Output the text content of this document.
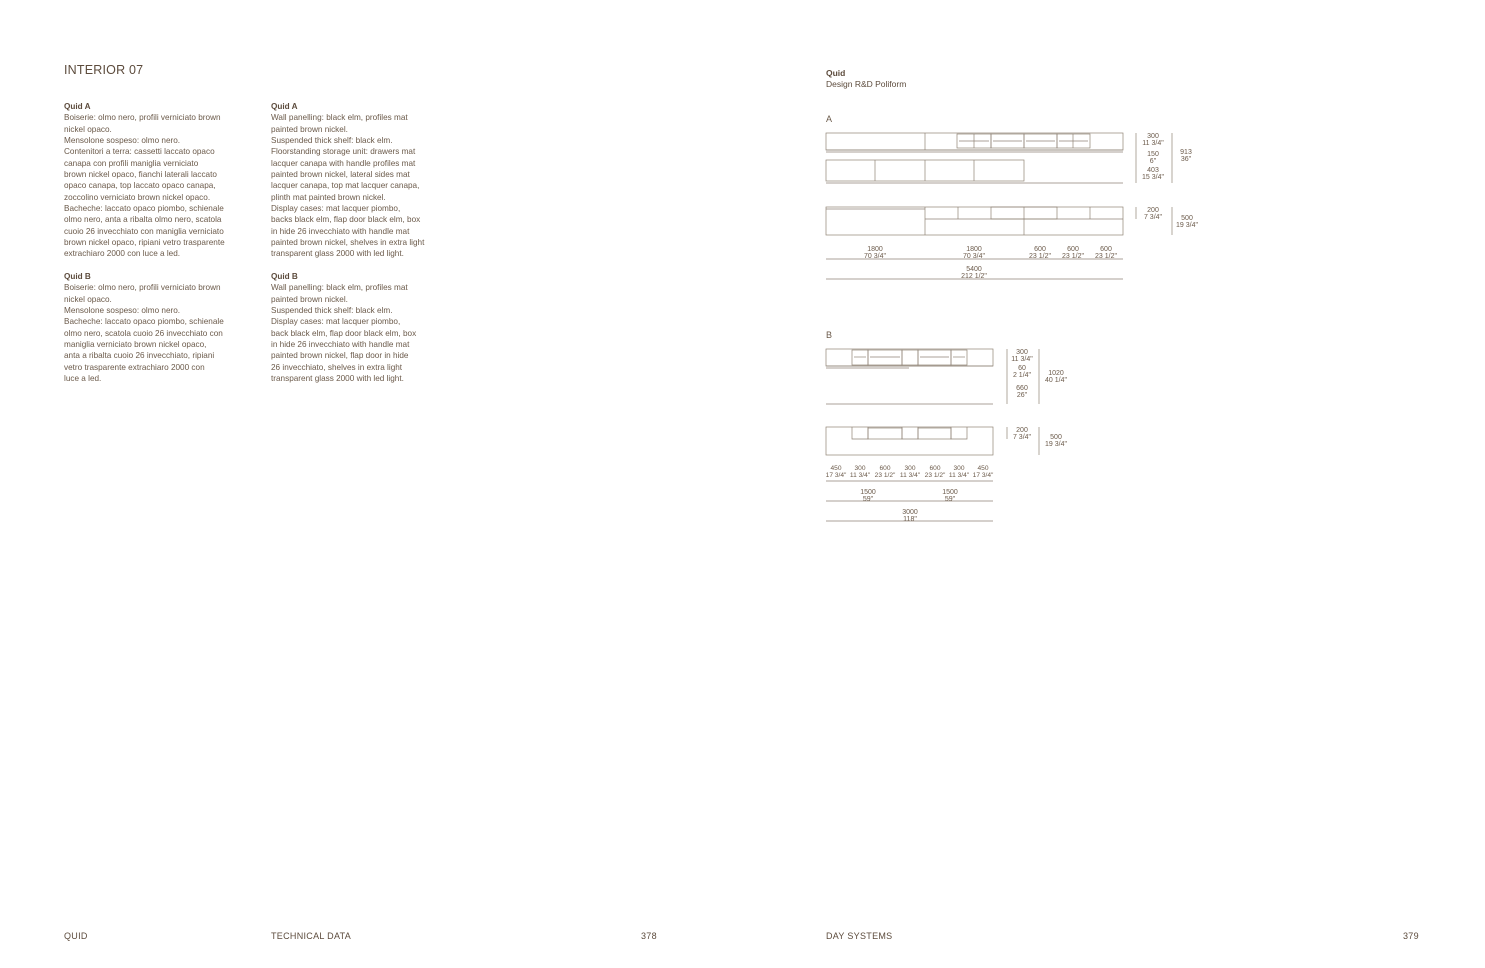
INTERIOR 07
Quid A

Boiserie: olmo nero, profili verniciato brown

nickel opaco.

Mensolone sospeso: olmo nero.

Contenitori a terra: cassetti laccato opaco

canapa con profili maniglia verniciato

brown nickel opaco, fianchi laterali laccato

opaco canapa, top laccato opaco canapa,

zoccolino verniciato brown nickel opaco.

Bacheche: laccato opaco piombo, schienale

olmo nero, anta a ribalta olmo nero, scatola

cuoio 26 invecchiato con maniglia verniciato

brown nickel opaco, ripiani vetro trasparente

extrachiaro 2000 con luce a led.

Quid B

Boiserie: olmo nero, profili verniciato brown

nickel opaco.

Mensolone sospeso: olmo nero.

Bacheche: laccato opaco piombo, schienale

olmo nero, scatola cuoio 26 invecchiato con

maniglia verniciato brown nickel opaco,

anta a ribalta cuoio 26 invecchiato, ripiani

vetro trasparente extrachiaro 2000 con

luce a led.

Quid A

Wall panelling: black elm, profiles mat

painted brown nickel.

Suspended thick shelf: black elm.

Floorstanding storage unit: drawers mat

lacquer canapa with handle profiles mat

painted brown nickel, lateral sides mat

lacquer canapa, top mat lacquer canapa,

plinth mat painted brown nickel.

Display cases: mat lacquer piombo,

backs black elm, flap door black elm, box

in hide 26 invecchiato with handle mat

painted brown nickel, shelves in extra light

transparent glass 2000 with led light.

Quid B

Wall panelling: black elm, profiles mat

painted brown nickel.

Suspended thick shelf: black elm.

Display cases: mat lacquer piombo,

back black elm, flap door black elm, box

in hide 26 invecchiato with handle mat

painted brown nickel, flap door in hide

26 invecchiato, shelves in extra light

transparent glass 2000 with led light.

Quid
Design R&D Poliform
A
B
300
11 3/4"
150
6"
403
15 3/4"
913
36"
200
7 3/4"	500
19 3/4"
1800
70 3/4"
1800
70 3/4"
600
23 1/2"
600
23 1/2"
600
23 1/2"
5400
212 1/2"
300
11 3/4"
60
2 1/4"
660
26"
1020
40 1/4"
200
7 3/4"	500
19 3/4"
450
17 3/4"
300
11 3/4"
600
23 1/2"
300
11 3/4"
600
23 1/2"
300
11 3/4"
450
17 3/4"
1500
59"
1500
59"
3000
118"
QUID	TECHNICAL DATA	378	DAY SYSTEMS	379
